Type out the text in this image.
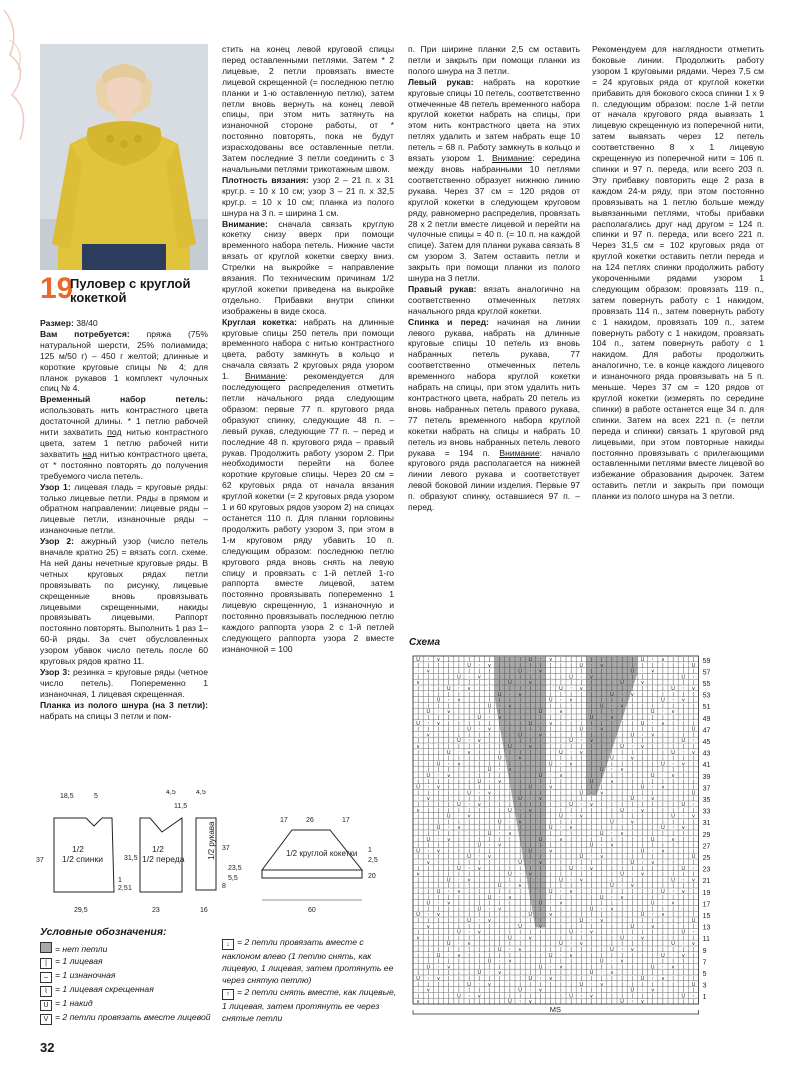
19
Пуловер с круглой кокеткой

Размер: 38/40

Вам потребуется: пряжа (75% натуральной шерсти, 25% полиамида; 125 м/50 г) – 450 г желтой; длинные и короткие круговые спицы № 4; для планок рукавов 1 комплект чулочных спиц № 4.

Временный набор петель: использовать нить контрастного цвета достаточной длины. * 1 петлю рабочей нити захватить под нитью контрастного цвета, затем 1 петлю рабочей нити захватить над нитью контрастного цвета, от * постоянно повторять до получения требуемого числа петель.

Узор 1: лицевая гладь = круговые ряды: только лицевые петли. Ряды в прямом и обратном направлении: лицевые ряды – лицевые петли, изнаночные ряды – изнаночные петли.

Узор 2: ажурный узор (число петель вначале кратно 25) = вязать согл. схеме. На ней даны нечетные круговые ряды. В четных круговых рядах петли провязывать по рисунку, лицевые скрещенные вновь провязывать лицевыми скрещенными, накиды провязывать лицевыми. Раппорт постоянно повторять. Выполнить 1 раз 1–60-й ряды. За счет обусловленных узором убавок число петель после 60 круговых рядов кратно 11.

Узор 3: резинка = круговые ряды (четное число петель). Попеременно 1 изнаночная, 1 лицевая скрещенная.

Планка из полого шнура (на 3 петли): набрать на спицы 3 петли и пом-

стить на конец левой круговой спицы перед оставленными петлями. Затем * 2 лицевые, 2 петли провязать вместе лицевой скрещенной (= последнюю петлю планки и 1-ю оставленную петлю), затем петли вновь вернуть на конец левой спицы, при этом нить затянуть на изнаночной стороне работы, от * постоянно повторять, пока не будут израсходованы все оставленные петли. Затем последние 3 петли соединить с 3 начальными петлями трикотажным швом.

Плотность вязания: узор 2 – 21 п. х 31 круг.р. = 10 х 10 см; узор 3 – 21 п. х 32,5 круг.р. = 10 х 10 см; планка из полого шнура на 3 п. = ширина 1 см.

Внимание: сначала связать круглую кокетку снизу вверх при помощи временного набора петель. Нижние части вязать от круглой кокетки сверху вниз. Стрелки на выкройке = направление вязания. По техническим причинам 1/2 круглой кокетки приведена на выкройке отдельно. Прибавки внутри спинки изображены в виде скоса.

Круглая кокетка: набрать на длинные круговые спицы 250 петель при помощи временного набора с нитью контрастного цвета, работу замкнуть в кольцо и сначала связать 2 круговых ряда узором 1. Внимание: рекомендуется для последующего распределения отметить петли начального ряда следующим образом: первые 77 п. кругового ряда образуют спинку, следующие 48 п. – левый рукав, следующие 77 п. – перед и последние 48 п. кругового ряда – правый рукав. Продолжить работу узором 2. При необходимости перейти на более короткие круговые спицы. Через 20 см = 62 круговых ряда от начала вязания круглой кокетки (= 2 круговых ряда узором 1 и 60 круговых рядов узором 2) на спицах останется 110 п. Для планки горловины продолжить работу узором 3, при этом в 1-м круговом ряду убавить 10 п. следующим образом: последнюю петлю кругового ряда вновь снять на левую спицу и провязать с 1-й петлей 1-го раппорта вместе лицевой, затем постоянно провязывать попеременно 1 лицевую скрещенную, 1 изнаночную и постоянно провязывать последнюю петлю каждого раппорта узора 2 с 1-й петлей следующего раппорта узора 2 вместе изнаночной = 100

п. При ширине планки 2,5 см оставить петли и закрыть при помощи планки из полого шнура на 3 петли.

Левый рукав: набрать на короткие круговые спицы 10 петель, соответственно отмеченные 48 петель временного набора круглой кокетки набрать на спицы, при этом нить контрастного цвета на этих петлях удалить и затем набрать еще 10 петель = 68 п. Работу замкнуть в кольцо и вязать узором 1. Внимание: середина между вновь набранными 10 петлями соответственно образует нижнюю линию рукава. Через 37 см = 120 рядов от круглой кокетки в следующем круговом ряду, равномерно распределив, провязать 28 х 2 петли вместе лицевой и перейти на чулочные спицы = 40 п. (= 10 п. на каждой спице). Затем для планки рукава связать 8 см узором 3. Затем оставить петли и закрыть при помощи планки из полого шнура на 3 петли.

Правый рукав: вязать аналогично на соответственно отмеченных петлях начального ряда круглой кокетки.

Спинка и перед: начиная на линии левого рукава, набрать на длинные круговые спицы 10 петель из вновь набранных петель рукава, 77 соответственно отмеченных петель временного набора круглой кокетки набрать на спицы, при этом удалить нить контрастного цвета, набрать 20 петель из вновь набранных петель правого рукава, 77 петель временного набора круглой кокетки набрать на спицы и набрать 10 петель из вновь набранных петель левого рукава = 194 п. Внимание: начало кругового ряда располагается на нижней линии левого рукава и соответствует левой боковой линии изделия. Первые 97 п. образуют спинку, оставшиеся 97 п. – перед.

Рекомендуем для наглядности отметить боковые линии. Продолжить работу узором 1 круговыми рядами. Через 7,5 см = 24 круговых ряда от круглой кокетки прибавить для бокового скоса спинки 1 х 9 п. следующим образом: после 1-й петли от начала кругового ряда вывязать 1 лицевую скрещенную из поперечной нити, затем вывязать через 12 петель соответственно 8 х 1 лицевую скрещенную из поперечной нити = 106 п. спинки и 97 п. переда, или всего 203 п. Эту прибавку повторить еще 2 раза в каждом 24-м ряду, при этом постоянно провязывать на 1 петлю больше между вывязанными петлями, чтобы прибавки располагались друг над другом = 124 п. спинки и 97 п. переда, или всего 221 п. Через 31,5 см = 102 круговых ряда от круглой кокетки оставить петли переда и на 124 петлях спинки продолжить работу укороченными рядами узором 1 следующим образом: провязать 119 п., затем повернуть работу с 1 накидом, провязать 114 п., затем повернуть работу с 1 накидом, провязать 109 п., затем повернуть работу с 1 накидом, провязать 104 п., затем повернуть работу с 1 накидом. Для работы продолжить аналогично, т.е. в конце каждого лицевого и изнаночного ряда провязывать на 5 п. меньше. Через 37 см = 120 рядов от круглой кокетки (измерять по середине спинки) в работе останется еще 34 п. для спинки. Затем на всех 221 п. (= петли переда и спинки) связать 1 круговой ряд лицевыми, при этом повторные накиды постоянно провязывать с прилегающими оставленными петлями вместе лицевой во избежание образования дырочек. Затем оставить петли и закрыть при помощи планки из полого шнура на 3 петли.

1/2
1/2 спинки
18,5	5
37
1
2,5
29,5
1/2
1/2 переда
4,5
11,5
1
31,5
23
1/2 рукава
4,5
37
8
16
23,5
5,5
1/2 круглой кокетки
17	26	17
1
2,5
20
60
Условные обозначения:
= нет петли
| = 1 лицевая
– = 1 изнаночная
⌇ = 1 лицевая скрещенная
U = 1 накид
V = 2 петли провязать вместе лицевой
↓ = 2 петли провязать вместе с наклоном влево (1 петлю снять, как лицевую, 1 лицевая, затем протянуть ее через снятую петлю)
↑ = 2 петли снять вместе, как лицевые, 1 лицевая, затем протянуть ее через снятые петли
Схема
U ↑ ∨ | | | | | | | | U ↑ ∨ | | | | | | | | U ↑ ∨ | | |
| | | | | U ↑ ∨ | | | | | | | | U ↑ ∨ | | | | | | | | U
↑ ∨ | | | | | | | | U ↑ ∨ | | | | | | | | U ↑ ∨ | | | |
| | | | U ↑ ∨ | | | | | | | | U ↑ ∨ | | | | | | | | U ↑
∨ | | | | | | | | U ↑ ∨ | | | | | | | | U ↑ ∨ | | | | |
| | | U ↑ ∨ | | | | | | | | U ↑ ∨ | | | | | | | | U ↑ ∨
| | | | | | | | U ↑ ∨ | | | | | | | | U ↑ ∨ | | | | | |
| | U ↑ ∨ | | | | | | | | U ↑ ∨ | | | | | | | | U ↑ ∨ |
| | | | | | | U ↑ ∨ | | | | | | | | U ↑ ∨ | | | | | | |
| U ↑ ∨ | | | | | | | | U ↑ ∨ | | | | | | | | U ↑ ∨ | |
| | | | | | U ↑ ∨ | | | | | | | | U ↑ ∨ | | | | | | | |
U ↑ ∨ | | | | | | | | U ↑ ∨ | | | | | | | | U ↑ ∨ | | |
| | | | | U ↑ ∨ | | | | | | | | U ↑ ∨ | | | | | | | | U
↑ ∨ | | | | | | | | U ↑ ∨ | | | | | | | | U ↑ ∨ | | | |
| | | | U ↑ ∨ | | | | | | | | U ↑ ∨ | | | | | | | | U ↑
∨ | | | | | | | | U ↑ ∨ | | | | | | | | U ↑ ∨ | | | | |
| | | U ↑ ∨ | | | | | | | | U ↑ ∨ | | | | | | | | U ↑ ∨
| | | | | | | | U ↑ ∨ | | | | | | | | U ↑ ∨ | | | | | |
| | U ↑ ∨ | | | | | | | | U ↑ ∨ | | | | | | | | U ↑ ∨ |
| | | | | | | U ↑ ∨ | | | | | | | | U ↑ ∨ | | | | | | |
| U ↑ ∨ | | | | | | | | U ↑ ∨ | | | | | | | | U ↑ ∨ | |
| | | | | | U ↑ ∨ | | | | | | | | U ↑ ∨ | | | | | | | |
U ↑ ∨ | | | | | | | | U ↑ ∨ | | | | | | | | U ↑ ∨ | | |
| | | | | U ↑ ∨ | | | | | | | | U ↑ ∨ | | | | | | | | U
↑ ∨ | | | | | | | | U ↑ ∨ | | | | | | | | U ↑ ∨ | | | |
| | | | U ↑ ∨ | | | | | | | | U ↑ ∨ | | | | | | | | U ↑
∨ | | | | | | | | U ↑ ∨ | | | | | | | | U ↑ ∨ | | | | |
| | | U ↑ ∨ | | | | | | | | U ↑ ∨ | | | | | | | | U ↑ ∨
| | | | | | | | U ↑ ∨ | | | | | | | | U ↑ ∨ | | | | | |
| | U ↑ ∨ | | | | | | | | U ↑ ∨ | | | | | | | | U ↑ ∨ |
| | | | | | | U ↑ ∨ | | | | | | | | U ↑ ∨ | | | | | | |
| U ↑ ∨ | | | | | | | | U ↑ ∨ | | | | | | | | U ↑ ∨ | |
| | | | | | U ↑ ∨ | | | | | | | | U ↑ ∨ | | | | | | | |
U ↑ ∨ | | | | | | | | U ↑ ∨ | | | | | | | | U ↑ ∨ | | |
| | | | | U ↑ ∨ | | | | | | | | U ↑ ∨ | | | | | | | | U
↑ ∨ | | | | | | | | U ↑ ∨ | | | | | | | | U ↑ ∨ | | | |
| | | | U ↑ ∨ | | | | | | | | U ↑ ∨ | | | | | | | | U ↑
∨ | | | | | | | | U ↑ ∨ | | | | | | | | U ↑ ∨ | | | | |
| | | U ↑ ∨ | | | | | | | | U ↑ ∨ | | | | | | | | U ↑ ∨
| | | | | | | | U ↑ ∨ | | | | | | | | U ↑ ∨ | | | | | |
| | U ↑ ∨ | | | | | | | | U ↑ ∨ | | | | | | | | U ↑ ∨ |
| | | | | | | U ↑ ∨ | | | | | | | | U ↑ ∨ | | | | | | |
| U ↑ ∨ | | | | | | | | U ↑ ∨ | | | | | | | | U ↑ ∨ | |
| | | | | | U ↑ ∨ | | | | | | | | U ↑ ∨ | | | | | | | |
U ↑ ∨ | | | | | | | | U ↑ ∨ | | | | | | | | U ↑ ∨ | | |
| | | | | U ↑ ∨ | | | | | | | | U ↑ ∨ | | | | | | | | U
↑ ∨ | | | | | | | | U ↑ ∨ | | | | | | | | U ↑ ∨ | | | |
| | | | U ↑ ∨ | | | | | | | | U ↑ ∨ | | | | | | | | U ↑
∨ | | | | | | | | U ↑ ∨ | | | | | | | | U ↑ ∨ | | | | |
| | | U ↑ ∨ | | | | | | | | U ↑ ∨ | | | | | | | | U ↑ ∨
| | | | | | | | U ↑ ∨ | | | | | | | | U ↑ ∨ | | | | | |
| | U ↑ ∨ | | | | | | | | U ↑ ∨ | | | | | | | | U ↑ ∨ |
| | | | | | | U ↑ ∨ | | | | | | | | U ↑ ∨ | | | | | | |
| U ↑ ∨ | | | | | | | | U ↑ ∨ | | | | | | | | U ↑ ∨ | |
| | | | | | U ↑ ∨ | | | | | | | | U ↑ ∨ | | | | | | | |
U ↑ ∨ | | | | | | | | U ↑ ∨ | | | | | | | | U ↑ ∨ | | |
| | | | | U ↑ ∨ | | | | | | | | U ↑ ∨ | | | | | | | | U
↑ ∨ | | | | | | | | U ↑ ∨ | | | | | | | | U ↑ ∨ | | | |
| | | | U ↑ ∨ | | | | | | | | U ↑ ∨ | | | | | | | | U ↑
∨ | | | | | | | | U ↑ ∨ | | | | | | | | U ↑ ∨ | | | | |
59
57
55
53
51
49
47
45
43
41
39
37
35
33
31
29
27
25
23
21
19
17
15
13
11
9
7
5
3
1
MS
32
